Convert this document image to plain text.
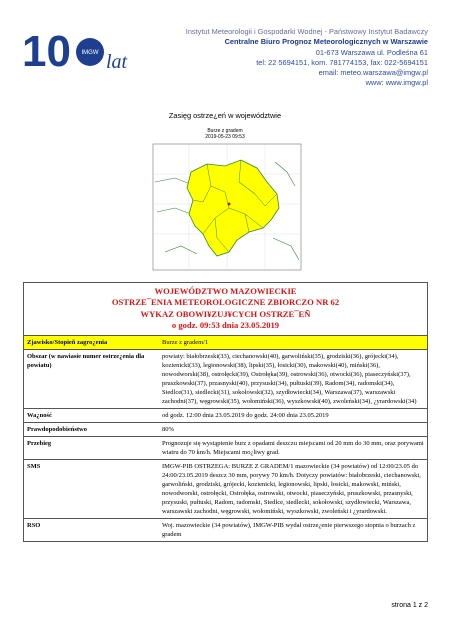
10 IMGW lat
Instytut Meteorologii i Gospodarki Wodnej - Państwowy Instytut Badawczy
Centralne Biuro Prognoz Meteorologicznych w Warszawie
01-673 Warszawa ul. Podleśna 61
tel: 22 5694151, kom. 781774153, fax: 022-5694151
email: meteo.warszawa@imgw.pl
www: www.imgw.pl
Zasięg ostrze¿eń w województwie
Burze z gradem
2019-05-23 09:53
WOJEWÓDZTWO MAZOWIECKIE
OSTRZE¯ENIA METEOROLOGICZNE ZBIORCZO NR 62
WYKAZ OBOWI¥ZUJ¥CYCH OSTRZE¯EÑ
o godz. 09:53 dnia 23.05.2019
Zjawisko/Stopieñ zagro¿enia	Burze z gradem/1
Obszar (w nawiasie numer ostrze¿enia dla powiatu)	powiaty: białobrzeski(33), ciechanowski(40), garwoliński(35), grodziski(36), grójecki(34), kozienicki(33), legionowski(38), lipski(35), łosicki(30), makowski(40), miński(36), nowodworski(38), ostrołęcki(39), Ostrołęka(39), ostrowski(36), otwocki(36), piaseczyński(37), pruszkowski(37), przasnyski(40), przysuski(34), pułtuski(39), Radom(34), radomski(34), Siedlce(31), siedlecki(31), sokołowski(32), szydłowiecki(34), Warszawa(37), warszawski zachodni(37), węgrowski(35), wołomiński(36), wyszkowski(40), zwoleński(34), ¿yrardowski(34)
Wa¿ność	od godz. 12:00 dnia 23.05.2019 do godz. 24:00 dnia 23.05.2019
Prawdopodobieństwo	80%
Przebieg	Prognozuje się wystąpienie burz z opadami deszczu miejscami od 20 mm do 30 mm, oraz porywami wiatru do 70 km/h. Miejscami mo¿liwy grad.
SMS	IMGW-PIB OSTRZEGA: BURZE Z GRADEM/1 mazowieckie (34 powiatów) od 12:00/23.05 do 24:00/23.05.2019 deszcz 30 mm, porywy 70 km/h. Dotyczy powiatów: białobrzeski, ciechanowski, garwoliński, grodziski, grójecki, kozienicki, legionowski, lipski, łosicki, makowski, miński, nowodworski, ostrołęcki, Ostrołęka, ostrowski, otwocki, piaseczyński, pruszkowski, przasnyski, przysuski, pułtuski, Radom, radomski, Siedlce, siedlecki, sokołowski, szydłowiecki, Warszawa, warszawski zachodni, węgrowski, wołomiński, wyszkowski, zwoleński i ¿yrardowski.
RSO	Woj. mazowieckie (34 powiatów), IMGW-PIB wydał ostrze¿enie pierwszego stopnia o burzach z gradem
strona 1 z 2
